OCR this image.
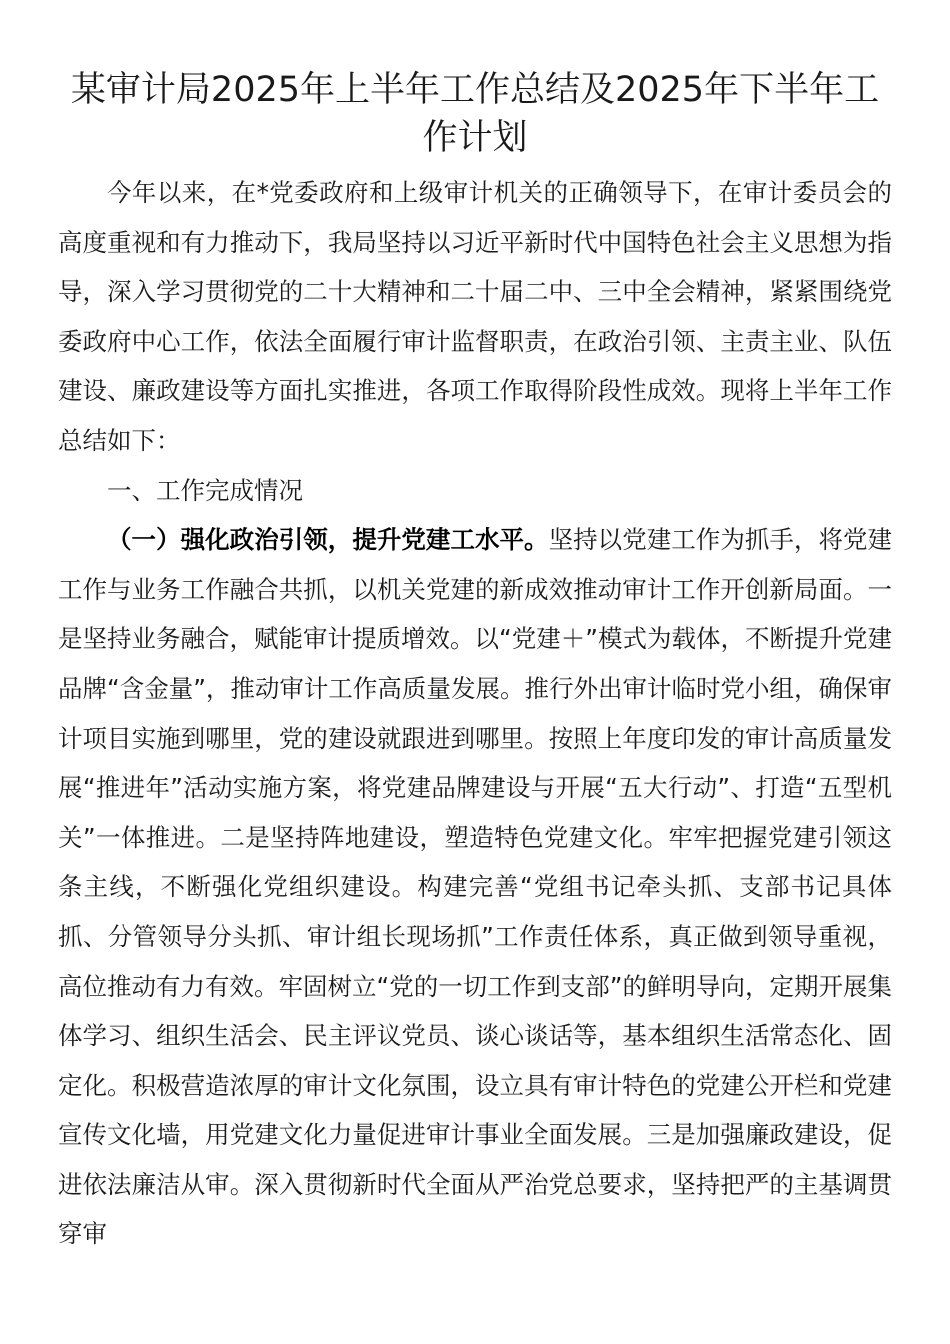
某审计局2025年上半年工作总结及2025年下半年工作计划

今年以来，在*党委政府和上级审计机关的正确领导下，在审计委员会的高度重视和有力推动下，我局坚持以习近平新时代中国特色社会主义思想为指导，深入学习贯彻党的二十大精神和二十届二中、三中全会精神，紧紧围绕党委政府中心工作，依法全面履行审计监督职责，在政治引领、主责主业、队伍建设、廉政建设等方面扎实推进，各项工作取得阶段性成效。现将上半年工作总结如下：

一、工作完成情况

（一）强化政治引领，提升党建工水平。坚持以党建工作为抓手，将党建工作与业务工作融合共抓，以机关党建的新成效推动审计工作开创新局面。一是坚持业务融合，赋能审计提质增效。以“党建＋”模式为载体，不断提升党建品牌“含金量”，推动审计工作高质量发展。推行外出审计临时党小组，确保审计项目实施到哪里，党的建设就跟进到哪里。按照上年度印发的审计高质量发展“推进年”活动实施方案，将党建品牌建设与开展“五大行动”、打造“五型机关”一体推进。二是坚持阵地建设，塑造特色党建文化。牢牢把握党建引领这条主线，不断强化党组织建设。构建完善“党组书记牵头抓、支部书记具体抓、分管领导分头抓、审计组长现场抓”工作责任体系，真正做到领导重视，高位推动有力有效。牢固树立“党的一切工作到支部”的鲜明导向，定期开展集体学习、组织生活会、民主评议党员、谈心谈话等，基本组织生活常态化、固定化。积极营造浓厚的审计文化氛围，设立具有审计特色的党建公开栏和党建宣传文化墙，用党建文化力量促进审计事业全面发展。三是加强廉政建设，促进依法廉洁从审。深入贯彻新时代全面从严治党总要求，坚持把严的主基调贯穿审
